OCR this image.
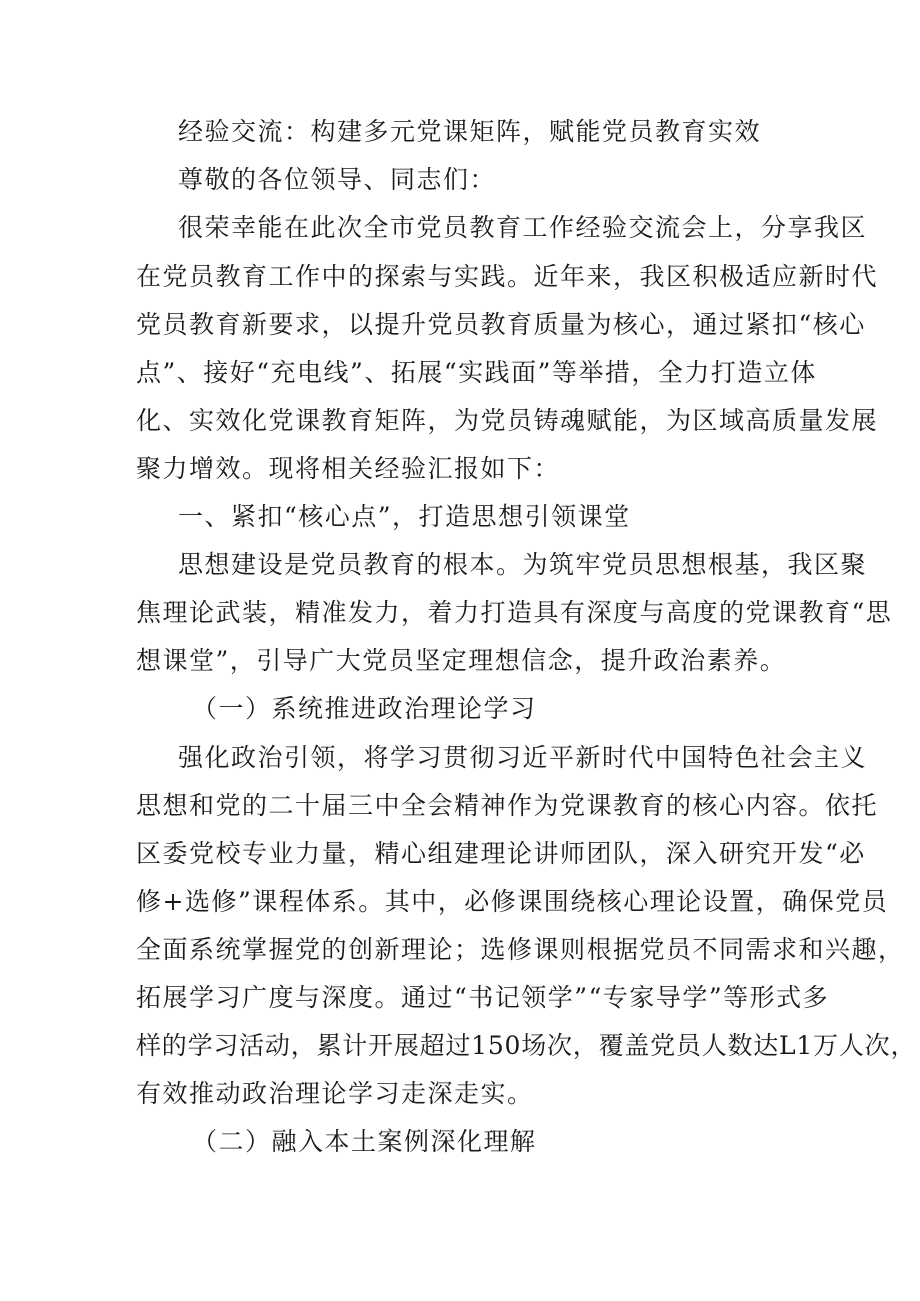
经验交流：构建多元党课矩阵，赋能党员教育实效
尊敬的各位领导、同志们：
很荣幸能在此次全市党员教育工作经验交流会上，分享我区
在党员教育工作中的探索与实践。近年来，我区积极适应新时代
党员教育新要求，以提升党员教育质量为核心，通过紧扣“核心
点”、接好“充电线”、拓展“实践面”等举措，全力打造立体
化、实效化党课教育矩阵，为党员铸魂赋能，为区域高质量发展
聚力增效。现将相关经验汇报如下：
一、紧扣“核心点”，打造思想引领课堂
思想建设是党员教育的根本。为筑牢党员思想根基，我区聚
焦理论武装，精准发力，着力打造具有深度与高度的党课教育“思
想课堂”，引导广大党员坚定理想信念，提升政治素养。
（一）系统推进政治理论学习
强化政治引领，将学习贯彻习近平新时代中国特色社会主义
思想和党的二十届三中全会精神作为党课教育的核心内容。依托
区委党校专业力量，精心组建理论讲师团队，深入研究开发“必
修+选修”课程体系。其中，必修课围绕核心理论设置，确保党员
全面系统掌握党的创新理论；选修课则根据党员不同需求和兴趣，
拓展学习广度与深度。通过“书记领学”“专家导学”等形式多
样的学习活动，累计开展超过150场次，覆盖党员人数达L1万人次，
有效推动政治理论学习走深走实。
（二）融入本土案例深化理解
